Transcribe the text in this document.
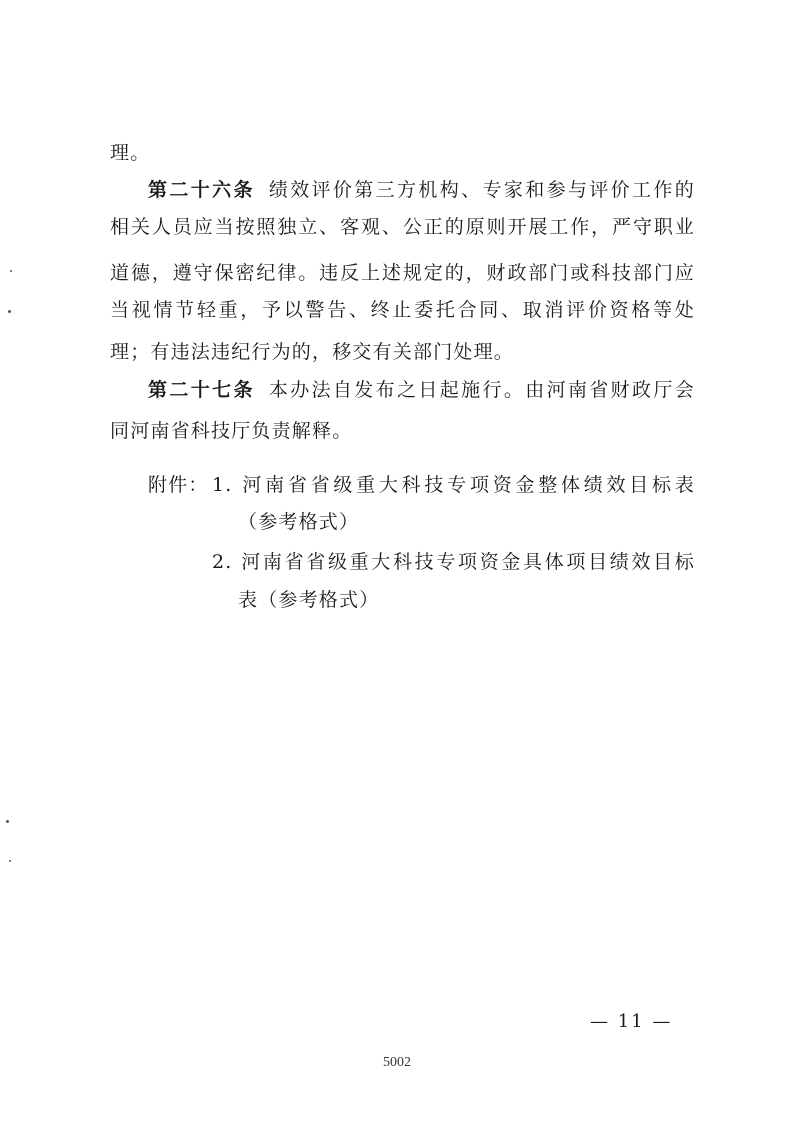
理。
第二十六条 绩效评价第三方机构、专家和参与评价工作的
相关人员应当按照独立、客观、公正的原则开展工作，严守职业
道德，遵守保密纪律。违反上述规定的，财政部门或科技部门应
当视情节轻重，予以警告、终止委托合同、取消评价资格等处
理；有违法违纪行为的，移交有关部门处理。
第二十七条 本办法自发布之日起施行。由河南省财政厅会
同河南省科技厅负责解释。
附件： 1. 河南省省级重大科技专项资金整体绩效目标表
（参考格式）
2. 河南省省级重大科技专项资金具体项目绩效目标
表（参考格式）
— 11 —
5002
